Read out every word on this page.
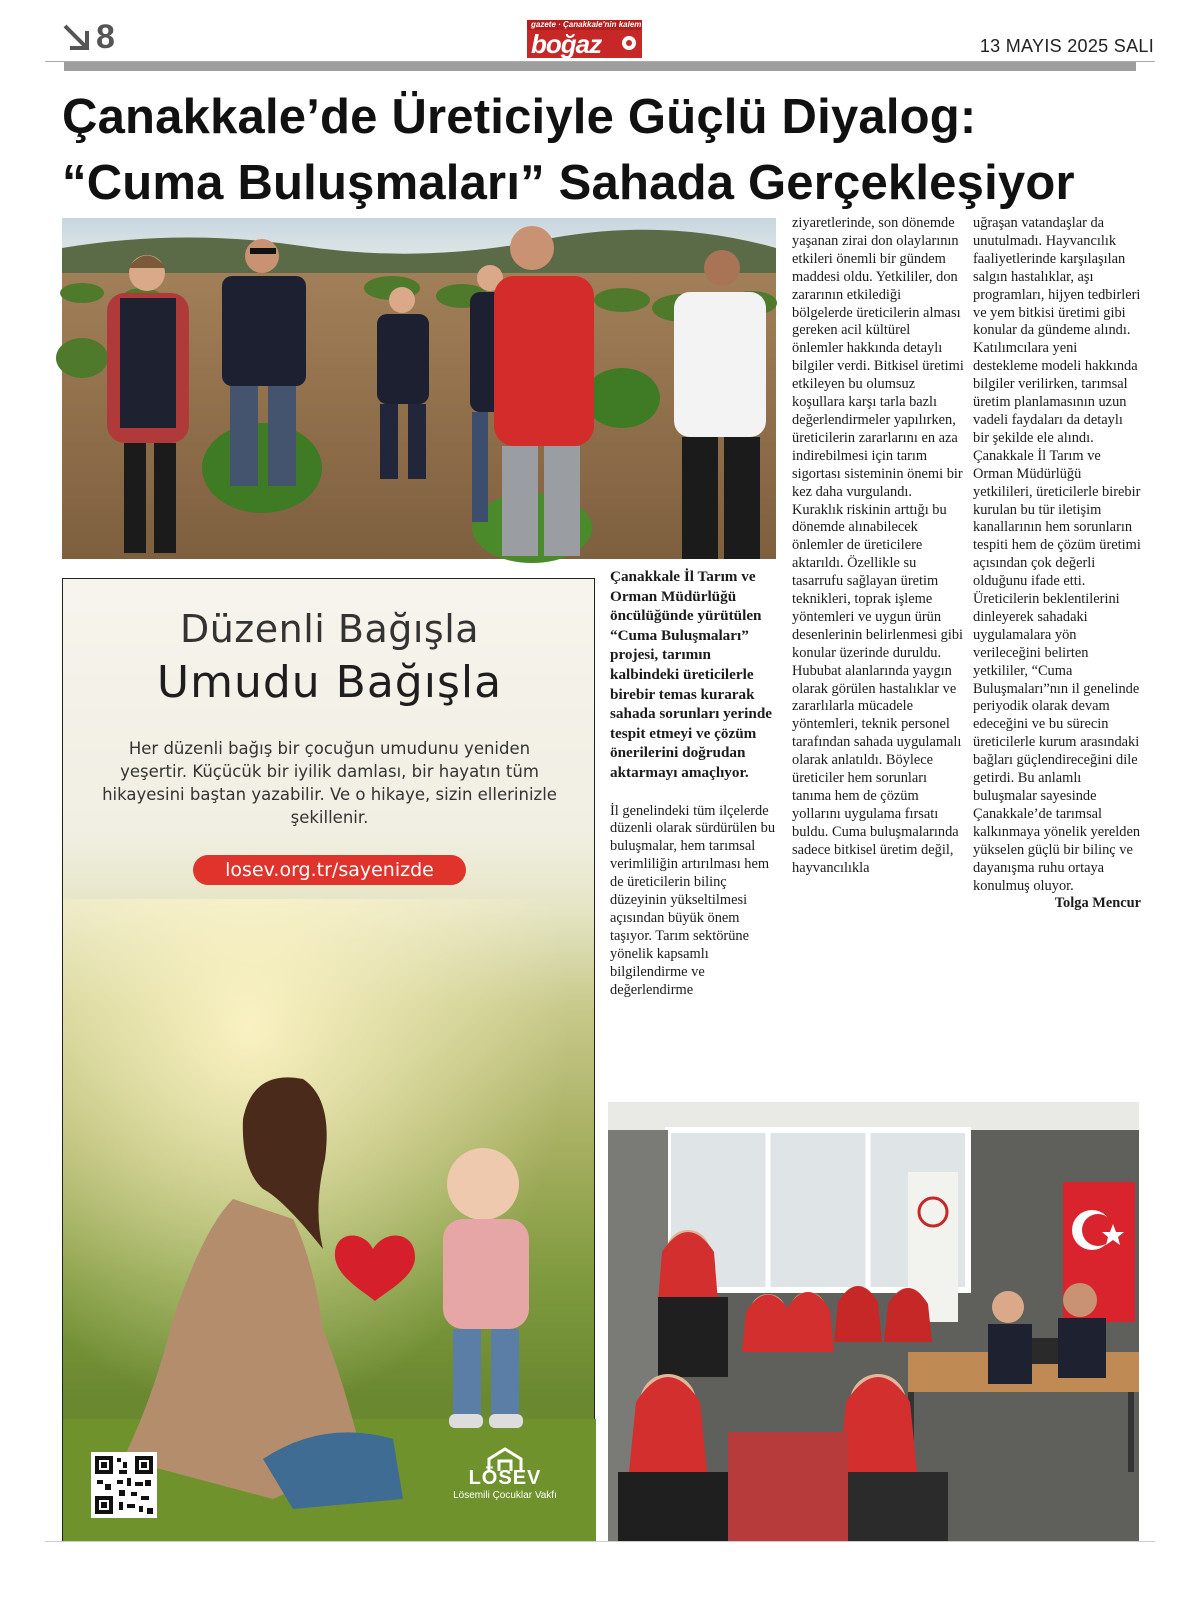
8	gazete · Çanakkale'nin kalem gazetesi
boğaz	13 MAYIS 2025 SALI
Çanakkale’de Üreticiyle Güçlü Diyalog:
“Cuma Buluşmaları” Sahada Gerçekleşiyor
Düzenli Bağışla
Umudu Bağışla
Her düzenli bağış bir çocuğun umudunu yeniden yeşertir. Küçücük bir iyilik damlası, bir hayatın tüm hikayesini baştan yazabilir. Ve o hikaye, sizin ellerinizle şekillenir.
losev.org.tr/sayenizde
LÖSEV
Lösemili Çocuklar Vakfı

Çanakkale İl Tarım ve Orman Müdürlüğü öncülüğünde yürütülen “Cuma Buluşmaları” projesi, tarımın kalbindeki üreticilerle birebir temas kurarak sahada sorunları yerinde tespit etmeyi ve çözüm önerilerini doğrudan aktarmayı amaçlıyor.

İl genelindeki tüm ilçelerde düzenli olarak sürdürülen bu buluşmalar, hem tarımsal verimliliğin artırılması hem de üreticilerin bilinç düzeyinin yükseltilmesi açısından büyük önem taşıyor. Tarım sektörüne yönelik kapsamlı bilgilendirme ve değerlendirme

ziyaretlerinde, son dönemde yaşanan zirai don olaylarının etkileri önemli bir gündem maddesi oldu. Yetkililer, don zararının etkilediği bölgelerde üreticilerin alması gereken acil kültürel önlemler hakkında detaylı bilgiler verdi. Bitkisel üretimi etkileyen bu olumsuz koşullara karşı tarla bazlı değerlendirmeler yapılırken, üreticilerin zararlarını en aza indirebilmesi için tarım sigortası sisteminin önemi bir kez daha vurgulandı. Kuraklık riskinin arttığı bu dönemde alınabilecek önlemler de üreticilere aktarıldı. Özellikle su tasarrufu sağlayan üretim teknikleri, toprak işleme yöntemleri ve uygun ürün desenlerinin belirlenmesi gibi konular üzerinde duruldu. Hububat alanlarında yaygın olarak görülen hastalıklar ve zararlılarla mücadele yöntemleri, teknik personel tarafından sahada uygulamalı olarak anlatıldı. Böylece üreticiler hem sorunları tanıma hem de çözüm yollarını uygulama fırsatı buldu. Cuma buluşmalarında sadece bitkisel üretim değil, hayvancılıkla

uğraşan vatandaşlar da unutulmadı. Hayvancılık faaliyetlerinde karşılaşılan salgın hastalıklar, aşı programları, hijyen tedbirleri ve yem bitkisi üretimi gibi konular da gündeme alındı. Katılımcılara yeni destekleme modeli hakkında bilgiler verilirken, tarımsal üretim planlamasının uzun vadeli faydaları da detaylı bir şekilde ele alındı. Çanakkale İl Tarım ve Orman Müdürlüğü yetkilileri, üreticilerle birebir kurulan bu tür iletişim kanallarının hem sorunların tespiti hem de çözüm üretimi açısından çok değerli olduğunu ifade etti. Üreticilerin beklentilerini dinleyerek sahadaki uygulamalara yön verileceğini belirten yetkililer, “Cuma Buluşmaları”nın il genelinde periyodik olarak devam edeceğini ve bu sürecin üreticilerle kurum arasındaki bağları güçlendireceğini dile getirdi. Bu anlamlı buluşmalar sayesinde Çanakkale’de tarımsal kalkınmaya yönelik yerelden yükselen güçlü bir bilinç ve dayanışma ruhu ortaya konulmuş oluyor.

Tolga Mencur
